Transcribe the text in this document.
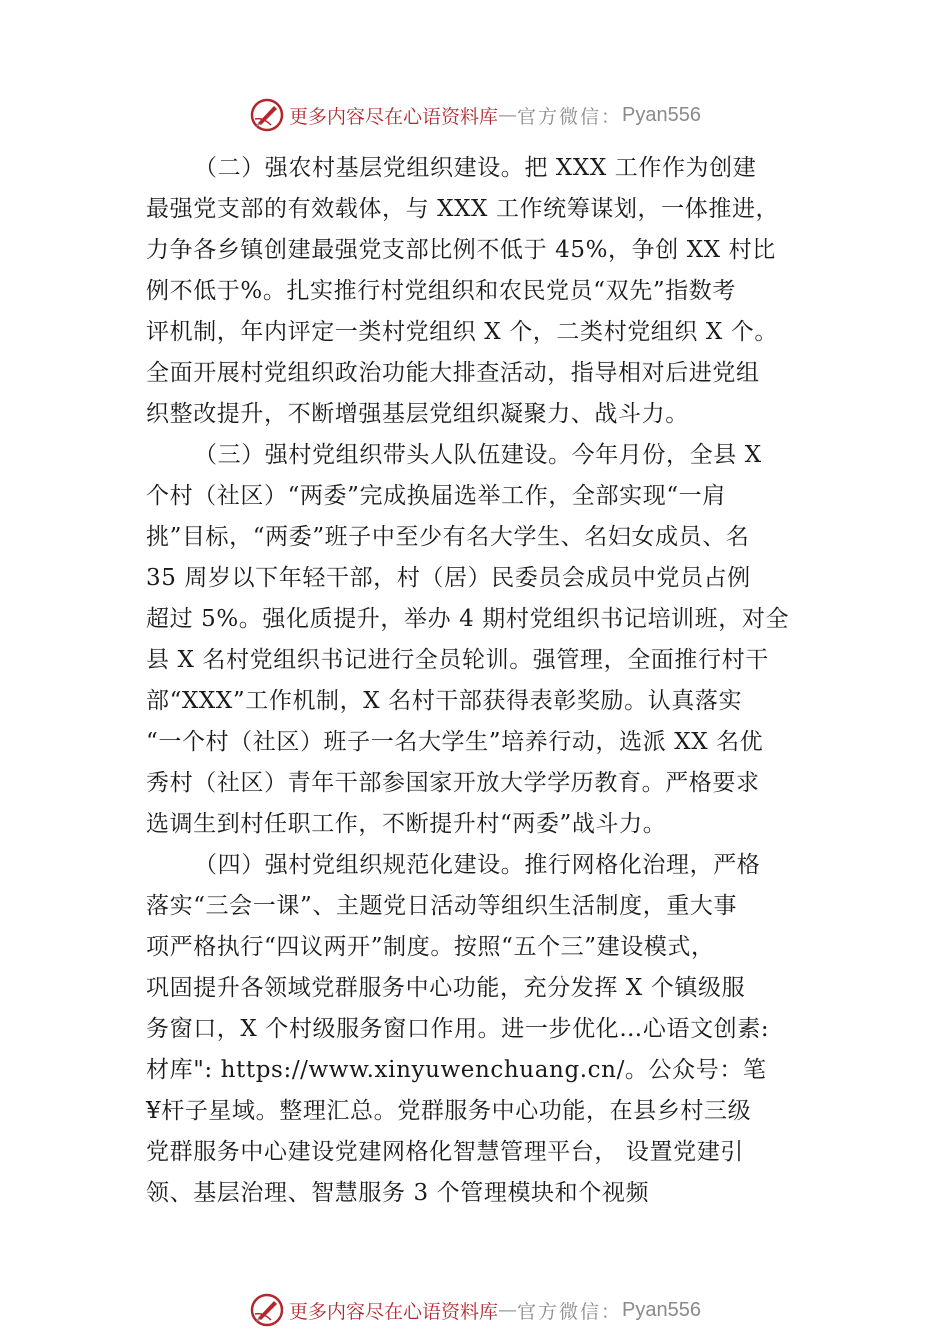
更多内容尽在心语资料库 — 官方微信： Pyan556
（二）强农村基层党组织建设。把 XXX 工作作为创建
最强党支部的有效载体，与 XXX 工作统筹谋划，一体推进，
力争各乡镇创建最强党支部比例不低于 45%，争创 XX 村比
例不低于%。扎实推行村党组织和农民党员“双先”指数考
评机制，年内评定一类村党组织 X 个，二类村党组织 X 个。
全面开展村党组织政治功能大排查活动，指导相对后进党组
织整改提升，不断增强基层党组织凝聚力、战斗力。
（三）强村党组织带头人队伍建设。今年月份，全县 X
个村（社区）“两委”完成换届选举工作，全部实现“一肩
挑”目标，“两委”班子中至少有名大学生、名妇女成员、名
35 周岁以下年轻干部，村（居）民委员会成员中党员占例
超过 5%。强化质提升，举办 4 期村党组织书记培训班，对全
县 X 名村党组织书记进行全员轮训。强管理，全面推行村干
部“XXX”工作机制，X 名村干部获得表彰奖励。认真落实
“一个村（社区）班子一名大学生”培养行动，选派 XX 名优
秀村（社区）青年干部参国家开放大学学历教育。严格要求
选调生到村任职工作，不断提升村“两委”战斗力。
（四）强村党组织规范化建设。推行网格化治理，严格
落实“三会一课”、主题党日活动等组织生活制度，重大事
项严格执行“四议两开”制度。按照“五个三”建设模式，
巩固提升各领域党群服务中心功能，充分发挥 X 个镇级服
务窗口，X 个村级服务窗口作用。进一步优化…心语文创素:
材库": https://www.xinyuwenchuang.cn/。公众号：笔
¥杆子星域。整理汇总。党群服务中心功能，在县乡村三级
党群服务中心建设党建网格化智慧管理平台， 设置党建引
领、基层治理、智慧服务 3 个管理模块和个视频
更多内容尽在心语资料库 — 官方微信： Pyan556
